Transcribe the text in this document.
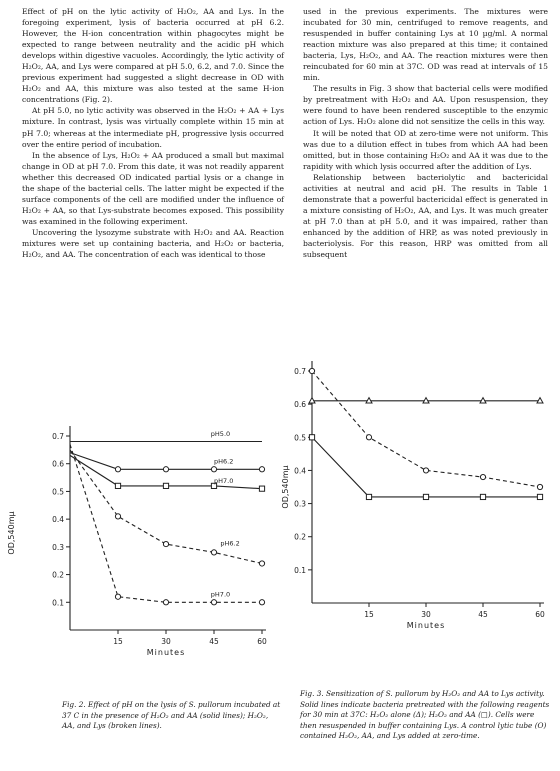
Effect of pH on the lytic activity of H₂O₂, AA and Lys. In the foregoing experiment, lysis of bacteria occurred at pH 6.2. However, the H-ion concentration within phagocytes might be expected to range between neutrality and the acidic pH which develops within digestive vacuoles. Accordingly, the lytic activity of H₂O₂, AA, and Lys were compared at pH 5.0, 6.2, and 7.0. Since the previous experiment had suggested a slight decrease in OD with H₂O₂ and AA, this mixture was also tested at the same H-ion concentrations (Fig. 2).

At pH 5.0, no lytic activity was observed in the H₂O₂ + AA + Lys mixture. In contrast, lysis was virtually complete within 15 min at pH 7.0; whereas at the intermediate pH, progressive lysis occurred over the entire period of incubation.

In the absence of Lys, H₂O₂ + AA produced a small but maximal change in OD at pH 7.0. From this date, it was not readily apparent whether this decreased OD indicated partial lysis or a change in the shape of the bacterial cells. The latter might be expected if the surface components of the cell are modified under the influence of H₂O₂ + AA, so that Lys-substrate becomes exposed. This possibility was examined in the following experiment.

Uncovering the lysozyme substrate with H₂O₂ and AA. Reaction mixtures were set up containing bacteria, and H₂O₂ or bacteria, H₂O₂, and AA. The concentration of each was identical to those

used in the previous experiments. The mixtures were incubated for 30 min, centrifuged to remove reagents, and resuspended in buffer containing Lys at 10 µg/ml. A normal reaction mixture was also prepared at this time; it contained bacteria, Lys, H₂O₂, and AA. The reaction mixtures were then reincubated for 60 min at 37C. OD was read at intervals of 15 min.

The results in Fig. 3 show that bacterial cells were modified by pretreatment with H₂O₂ and AA. Upon resuspension, they were found to have been rendered susceptible to the enzymic action of Lys. H₂O₂ alone did not sensitize the cells in this way.

It will be noted that OD at zero-time were not uniform. This was due to a dilution effect in tubes from which AA had been omitted, but in those containing H₂O₂ and AA it was due to the rapidity with which lysis occurred after the addition of Lys.

Relationship between bacteriolytic and bactericidal activities at neutral and acid pH. The results in Table 1 demonstrate that a powerful bactericidal effect is generated in a mixture consisting of H₂O₂, AA, and Lys. It was much greater at pH 7.0 than at pH 5.0, and it was impaired, rather than enhanced by the addition of HRP, as was noted previously in bacteriolysis. For this reason, HRP was omitted from all subsequent

0.7
0.6
0.5
0.4
0.3
0.2
0.1
15	30	45	60
OD,540mµ
Minutes
pH5.0
pH6.2
pH7.0
pH6.2
pH7.0
0.7
0.6
0.5
0.4
0.3
0.2
0.1
15	30	45	60
OD,540mµ
Minutes
Fig. 2. Effect of pH on the lysis of S. pullorum incubated at 37 C in the presence of H₂O₂ and AA (solid lines); H₂O₂, AA, and Lys (broken lines).
Fig. 3. Sensitization of S. pullorum by H₂O₂ and AA to Lys activity. Solid lines indicate bacteria pretreated with the following reagents for 30 min at 37C: H₂O₂ alone (Δ); H₂O₂ and AA (□). Cells were then resuspended in buffer containing Lys. A control lytic tube (O) contained H₂O₂, AA, and Lys added at zero-time.
